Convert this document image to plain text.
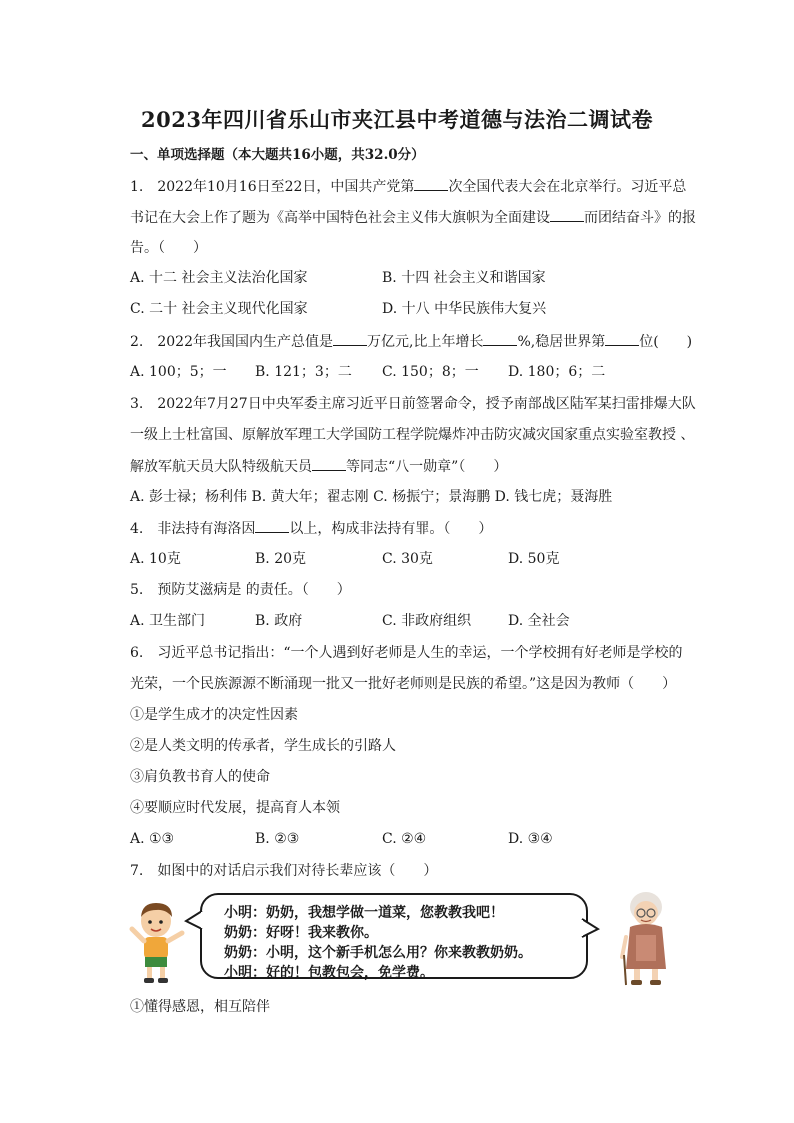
2023年四川省乐山市夹江县中考道德与法治二调试卷
一、单项选择题（本大题共16小题，共32.0分）
1.　2022年10月16日至22日，中国共产党第 次全国代表大会在北京举行。习近平总
书记在大会上作了题为《高举中国特色社会主义伟大旗帜为全面建设 而团结奋斗》的报
告。（　　）
A. 十二 社会主义法治化国家	B. 十四 社会主义和谐国家
C. 二十 社会主义现代化国家	D. 十八 中华民族伟大复兴
2.　2022年我国国内生产总值是 万亿元,比上年增长 %,稳居世界第 位(　　)
A. 100；5；一 B. 121；3；二 C. 150；8；一 D. 180；6；二
3.　2022年7月27日中央军委主席习近平日前签署命令，授予南部战区陆军某扫雷排爆大队
一级上士杜富国、原解放军理工大学国防工程学院爆炸冲击防灾减灾国家重点实验室教授 、
解放军航天员大队特级航天员 等同志“八一勋章”（　　）
A. 彭士禄；杨利伟 B. 黄大年；翟志刚 C. 杨振宁；景海鹏 D. 钱七虎；聂海胜
4.　非法持有海洛因 以上，构成非法持有罪。（　　）
A. 10克	B. 20克	C. 30克	D. 50克
5.　预防艾滋病是 的责任。（　　）
A. 卫生部门	B. 政府	C. 非政府组织	D. 全社会
6.　习近平总书记指出：“一个人遇到好老师是人生的幸运，一个学校拥有好老师是学校的
光荣，一个民族源源不断涌现一批又一批好老师则是民族的希望。”这是因为教师（　　）
①是学生成才的决定性因素
②是人类文明的传承者，学生成长的引路人
③肩负教书育人的使命
④要顺应时代发展，提高育人本领
A. ①③	B. ②③	C. ②④	D. ③④
7.　如图中的对话启示我们对待长辈应该（　　）
小明：奶奶，我想学做一道菜，您教教我吧！
奶奶：好呀！我来教你。
奶奶：小明，这个新手机怎么用？你来教教奶奶。
小明：好的！包教包会，免学费。
①懂得感恩，相互陪伴
